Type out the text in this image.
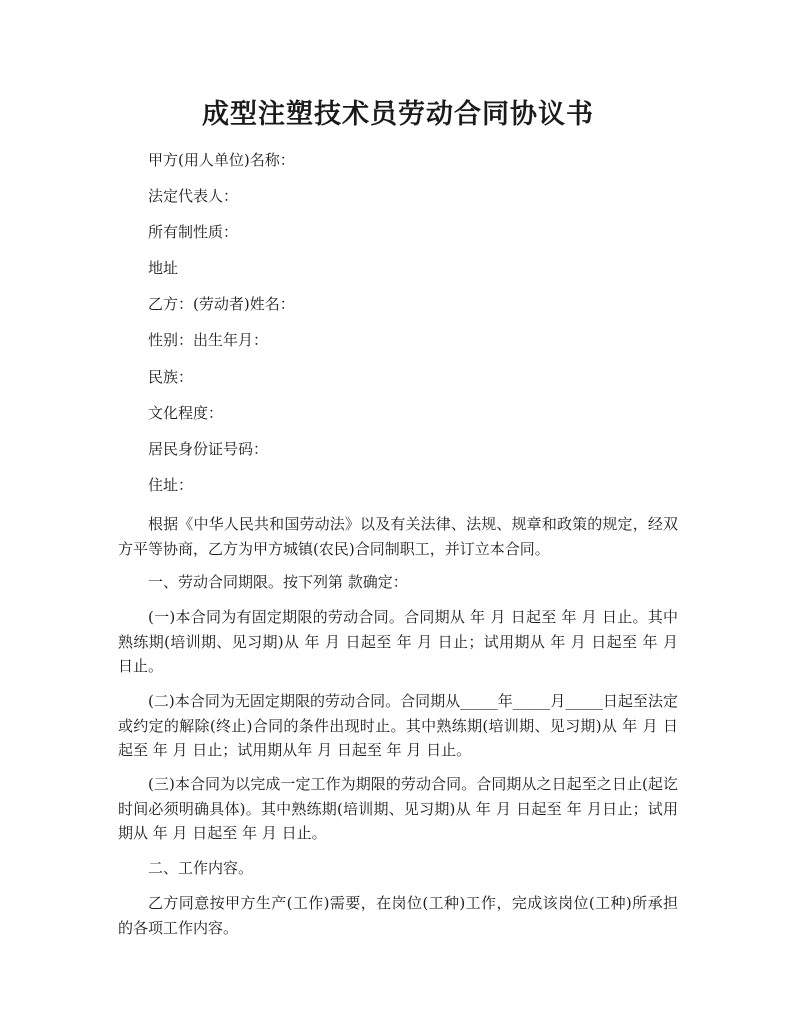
成型注塑技术员劳动合同协议书

甲方(用人单位)名称：

法定代表人：

所有制性质：

地址

乙方：(劳动者)姓名：

性别：出生年月：

民族：

文化程度：

居民身份证号码：

住址：

根据《中华人民共和国劳动法》以及有关法律、法规、规章和政策的规定，经双方平等协商，乙方为甲方城镇(农民)合同制职工，并订立本合同。

一、劳动合同期限。按下列第 款确定：

(一)本合同为有固定期限的劳动合同。合同期从 年 月 日起至 年 月 日止。其中熟练期(培训期、见习期)从 年 月 日起至 年 月 日止；试用期从 年 月 日起至 年 月 日止。

(二)本合同为无固定期限的劳动合同。合同期从_____年_____月_____日起至法定或约定的解除(终止)合同的条件出现时止。其中熟练期(培训期、见习期)从 年 月 日起至 年 月 日止；试用期从年 月 日起至 年 月 日止。

(三)本合同为以完成一定工作为期限的劳动合同。合同期从之日起至之日止(起讫时间必须明确具体)。其中熟练期(培训期、见习期)从 年 月 日起至 年 月日止；试用期从 年 月 日起至 年 月 日止。

二、工作内容。

乙方同意按甲方生产(工作)需要，在岗位(工种)工作，完成该岗位(工种)所承担的各项工作内容。
